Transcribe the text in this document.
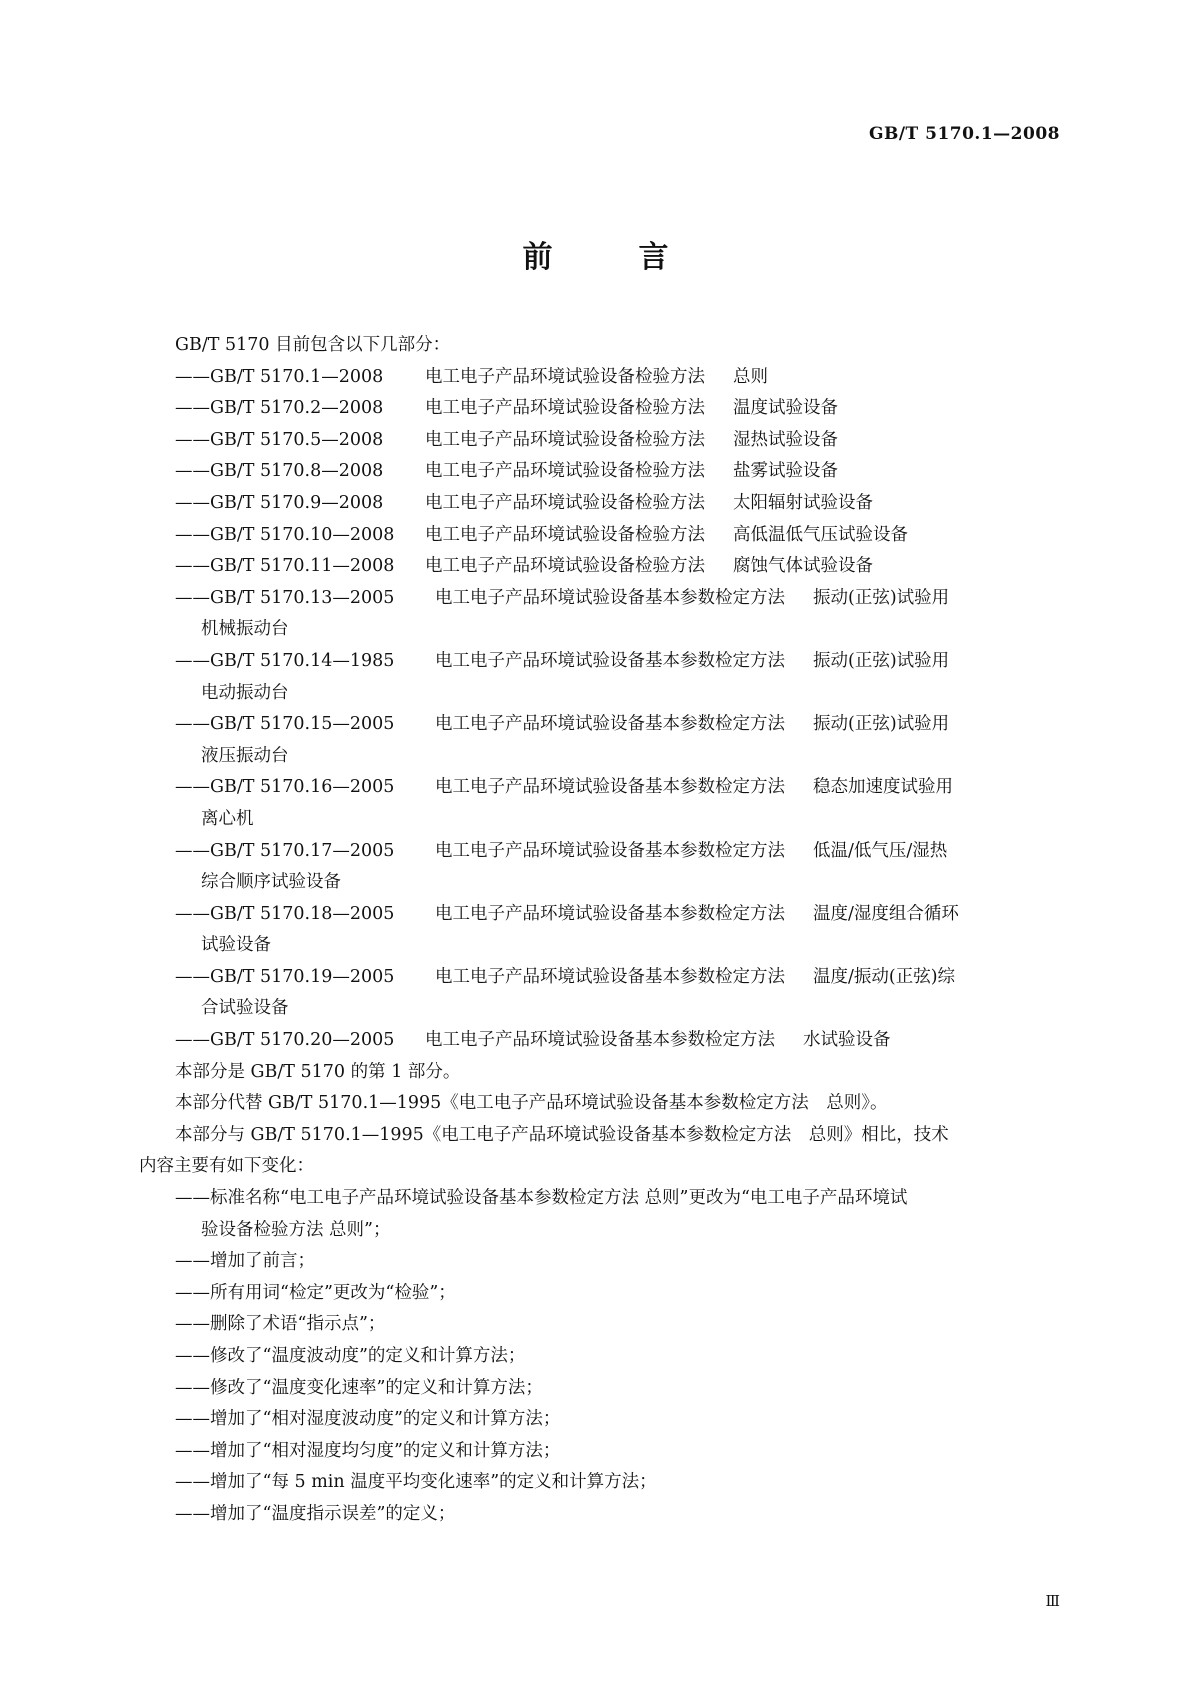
GB/T 5170.1—2008
前　言
GB/T 5170 目前包含以下几部分：
——GB/T 5170.1—2008 电工电子产品环境试验设备检验方法 总则
——GB/T 5170.2—2008 电工电子产品环境试验设备检验方法 温度试验设备
——GB/T 5170.5—2008 电工电子产品环境试验设备检验方法 湿热试验设备
——GB/T 5170.8—2008 电工电子产品环境试验设备检验方法 盐雾试验设备
——GB/T 5170.9—2008 电工电子产品环境试验设备检验方法 太阳辐射试验设备
——GB/T 5170.10—2008 电工电子产品环境试验设备检验方法 高低温低气压试验设备
——GB/T 5170.11—2008 电工电子产品环境试验设备检验方法 腐蚀气体试验设备
——GB/T 5170.13—2005 电工电子产品环境试验设备基本参数检定方法 振动(正弦)试验用
机械振动台
——GB/T 5170.14—1985 电工电子产品环境试验设备基本参数检定方法 振动(正弦)试验用
电动振动台
——GB/T 5170.15—2005 电工电子产品环境试验设备基本参数检定方法 振动(正弦)试验用
液压振动台
——GB/T 5170.16—2005 电工电子产品环境试验设备基本参数检定方法 稳态加速度试验用
离心机
——GB/T 5170.17—2005 电工电子产品环境试验设备基本参数检定方法 低温/低气压/湿热
综合顺序试验设备
——GB/T 5170.18—2005 电工电子产品环境试验设备基本参数检定方法 温度/湿度组合循环
试验设备
——GB/T 5170.19—2005 电工电子产品环境试验设备基本参数检定方法 温度/振动(正弦)综
合试验设备
——GB/T 5170.20—2005 电工电子产品环境试验设备基本参数检定方法 水试验设备
本部分是 GB/T 5170 的第 1 部分。
本部分代替 GB/T 5170.1—1995《电工电子产品环境试验设备基本参数检定方法　总则》。
本部分与 GB/T 5170.1—1995《电工电子产品环境试验设备基本参数检定方法　总则》相比，技术
内容主要有如下变化：
——标准名称“电工电子产品环境试验设备基本参数检定方法 总则”更改为“电工电子产品环境试
验设备检验方法 总则”；
——增加了前言；
——所有用词“检定”更改为“检验”；
——删除了术语“指示点”；
——修改了“温度波动度”的定义和计算方法；
——修改了“温度变化速率”的定义和计算方法；
——增加了“相对湿度波动度”的定义和计算方法；
——增加了“相对湿度均匀度”的定义和计算方法；
——增加了“每 5 min 温度平均变化速率”的定义和计算方法；
——增加了“温度指示误差”的定义；
Ⅲ
